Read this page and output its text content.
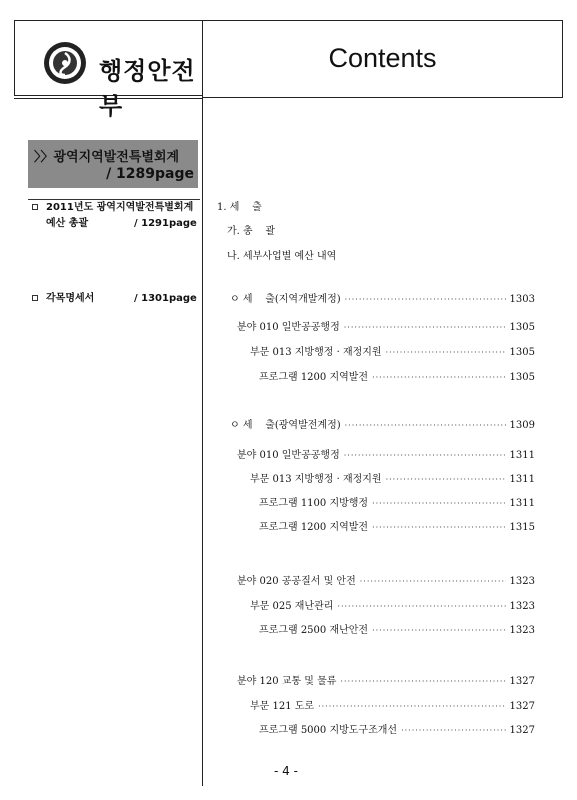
행정안전부
Contents
〉〉광역지역발전특별회계
/ 1289page
2011년도 광역지역발전특별회계
예산 총괄	/ 1291page
각목명세서	/ 1301page
1. 세    출
가. 총    괄
나. 세부사업별 예산 내역
ㅇ 세    출(지역개발계정) ·····	1303
분야 010 일반공공행정 ·····	1305
부문 013 지방행정 · 재정지원 ·····	1305
프로그램 1200 지역발전 ·····	1305
ㅇ 세    출(광역발전계정) ·····	1309
분야 010 일반공공행정 ·····	1311
부문 013 지방행정 · 재정지원 ·····	1311
프로그램 1100 지방행정 ·····	1311
프로그램 1200 지역발전 ·····	1315
분야 020 공공질서 및 안전 ·····	1323
부문 025 재난관리 ·····	1323
프로그램 2500 재난안전 ·····	1323
분야 120 교통 및 물류 ·····	1327
부문 121 도로 ·····	1327
프로그램 5000 지방도구조개선 ·····	1327
- 4 -
